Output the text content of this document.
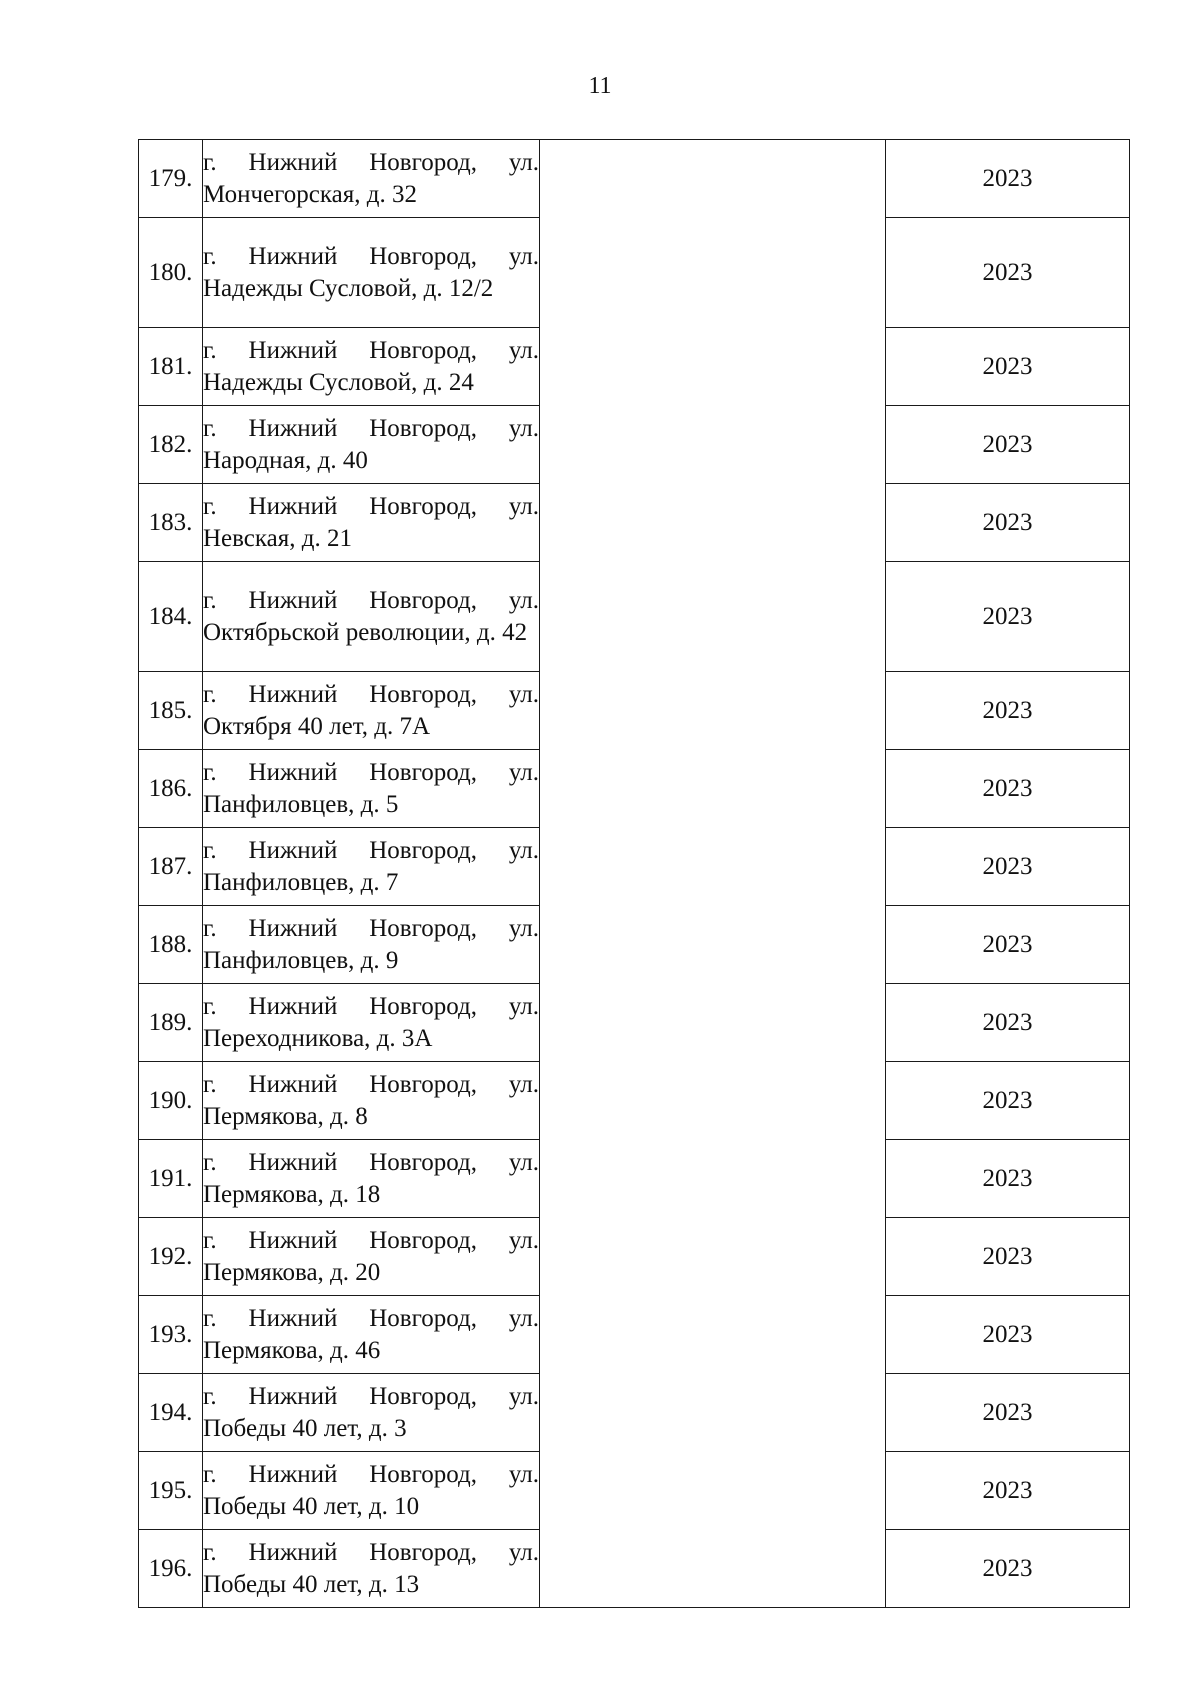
11
179.	г. Нижний Новгород, ул. Мончегорская, д. 32		2023
180.	г. Нижний Новгород, ул. Надежды Сусловой, д. 12/2		2023
181.	г. Нижний Новгород, ул. Надежды Сусловой, д. 24		2023
182.	г. Нижний Новгород, ул. Народная, д. 40		2023
183.	г. Нижний Новгород, ул. Невская, д. 21		2023
184.	г. Нижний Новгород, ул. Октябрьской революции, д. 42		2023
185.	г. Нижний Новгород, ул. Октября 40 лет, д. 7А		2023
186.	г. Нижний Новгород, ул. Панфиловцев, д. 5		2023
187.	г. Нижний Новгород, ул. Панфиловцев, д. 7		2023
188.	г. Нижний Новгород, ул. Панфиловцев, д. 9		2023
189.	г. Нижний Новгород, ул. Переходникова, д. 3А		2023
190.	г. Нижний Новгород, ул. Пермякова, д. 8		2023
191.	г. Нижний Новгород, ул. Пермякова, д. 18		2023
192.	г. Нижний Новгород, ул. Пермякова, д. 20		2023
193.	г. Нижний Новгород, ул. Пермякова, д. 46		2023
194.	г. Нижний Новгород, ул. Победы 40 лет, д. 3		2023
195.	г. Нижний Новгород, ул. Победы 40 лет, д. 10		2023
196.	г. Нижний Новгород, ул. Победы 40 лет, д. 13		2023
